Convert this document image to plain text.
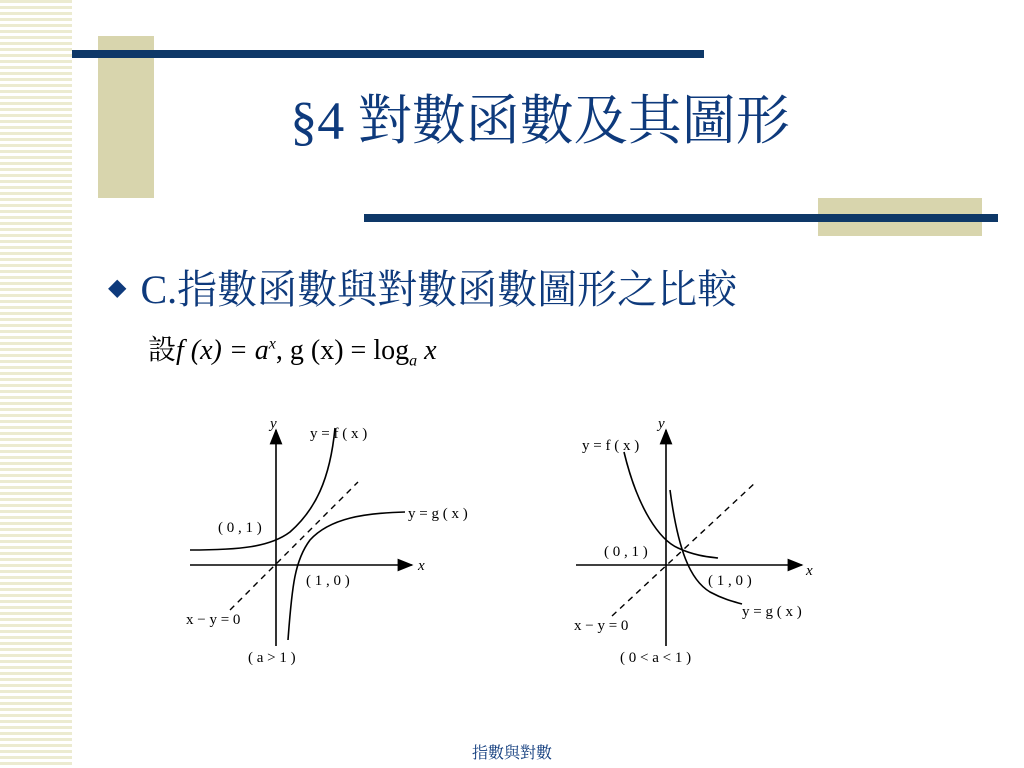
§4 對數函數及其圖形
◆ C.指數函數與對數函數圖形之比較
設f $(x) = a^x$, g $(x) = \log_a x$
y
x
y = f ( x )
y = g ( x )
( 0 , 1 )
( 1 , 0 )
x − y = 0
( a > 1 )
y
x
y = f ( x )
y = g ( x )
( 0 , 1 )
( 1 , 0 )
x − y = 0
( 0 < a < 1 )
指數與對數
